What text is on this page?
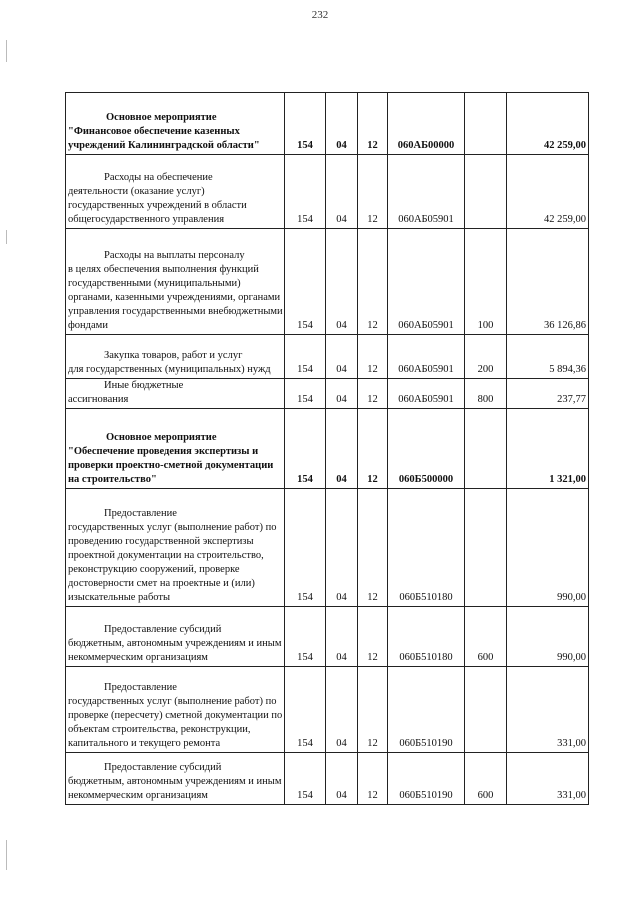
232
Основное мероприятие
"Финансовое обеспечение казенных учреждений Калининградской области"	154	04	12	060АБ00000		42 259,00

Расходы на обеспечение
деятельности (оказание услуг) государственных учреждений в области общегосударственного управления	154	04	12	060АБ05901		42 259,00

Расходы на выплаты персоналу
в целях обеспечения выполнения функций государственными (муниципальными) органами, казенными учреждениями, органами управления государственными внебюджетными фондами	154	04	12	060АБ05901	100	36 126,86

Закупка товаров, работ и услуг
для государственных (муниципальных) нужд	154	04	12	060АБ05901	200	5 894,36

Иные бюджетные
ассигнования	154	04	12	060АБ05901	800	237,77

Основное мероприятие
"Обеспечение проведения экспертизы и проверки проектно-сметной документации на строительство"	154	04	12	060Б500000		1 321,00

Предоставление
государственных услуг (выполнение работ) по проведению государственной экспертизы проектной документации на строительство, реконструкцию сооружений, проверке достоверности смет на проектные и (или) изыскательные работы	154	04	12	060Б510180		990,00

Предоставление субсидий
бюджетным, автономным учреждениям и иным некоммерческим организациям	154	04	12	060Б510180	600	990,00

Предоставление
государственных услуг (выполнение работ) по проверке (пересчету) сметной документации по объектам строительства, реконструкции, капитального и текущего ремонта	154	04	12	060Б510190		331,00

Предоставление субсидий
бюджетным, автономным учреждениям и иным некоммерческим организациям	154	04	12	060Б510190	600	331,00
